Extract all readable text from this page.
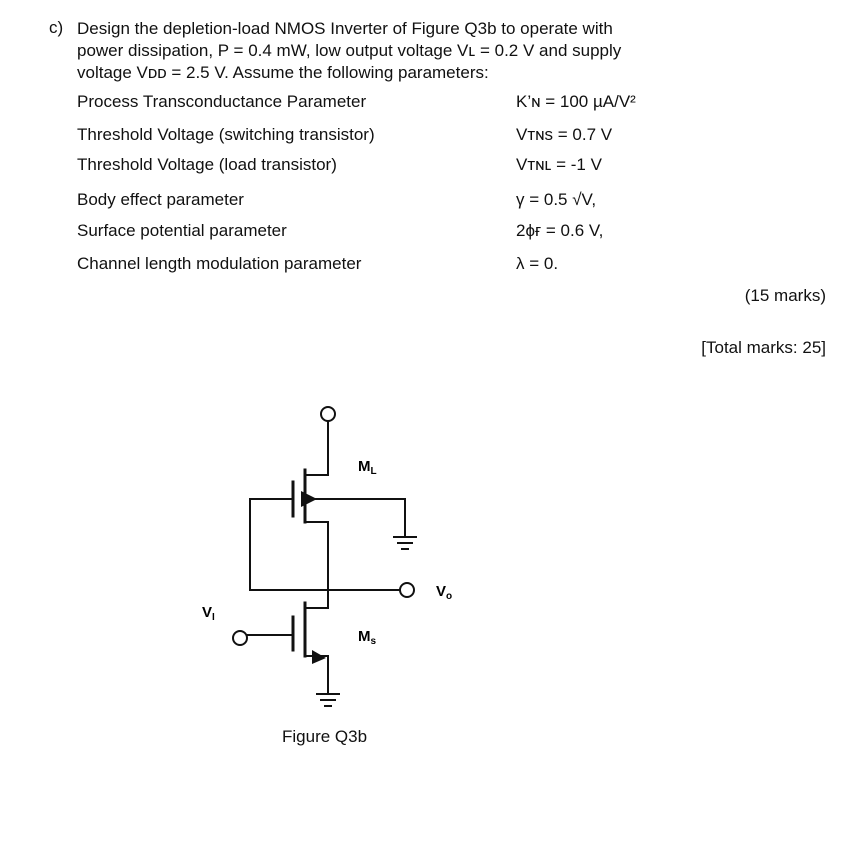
c) Design the depletion-load NMOS Inverter of Figure Q3b to operate with
power dissipation, P = 0.4 mW, low output voltage Vʟ = 0.2 V and supply
voltage Vᴅᴅ = 2.5 V. Assume the following parameters:
Process Transconductance Parameter	K’ɴ = 100 µA/V²
Threshold Voltage (switching transistor)	Vᴛɴѕ = 0.7 V
Threshold Voltage (load transistor)	Vᴛɴʟ = -1 V
Body effect parameter	γ = 0.5 √V,
Surface potential parameter	2ϕғ = 0.6 V,
Channel length modulation parameter	λ = 0.
(15 marks)
[Total marks: 25]
$M_L$
$M_s$
$V_I$
$V_o$
Figure Q3b
